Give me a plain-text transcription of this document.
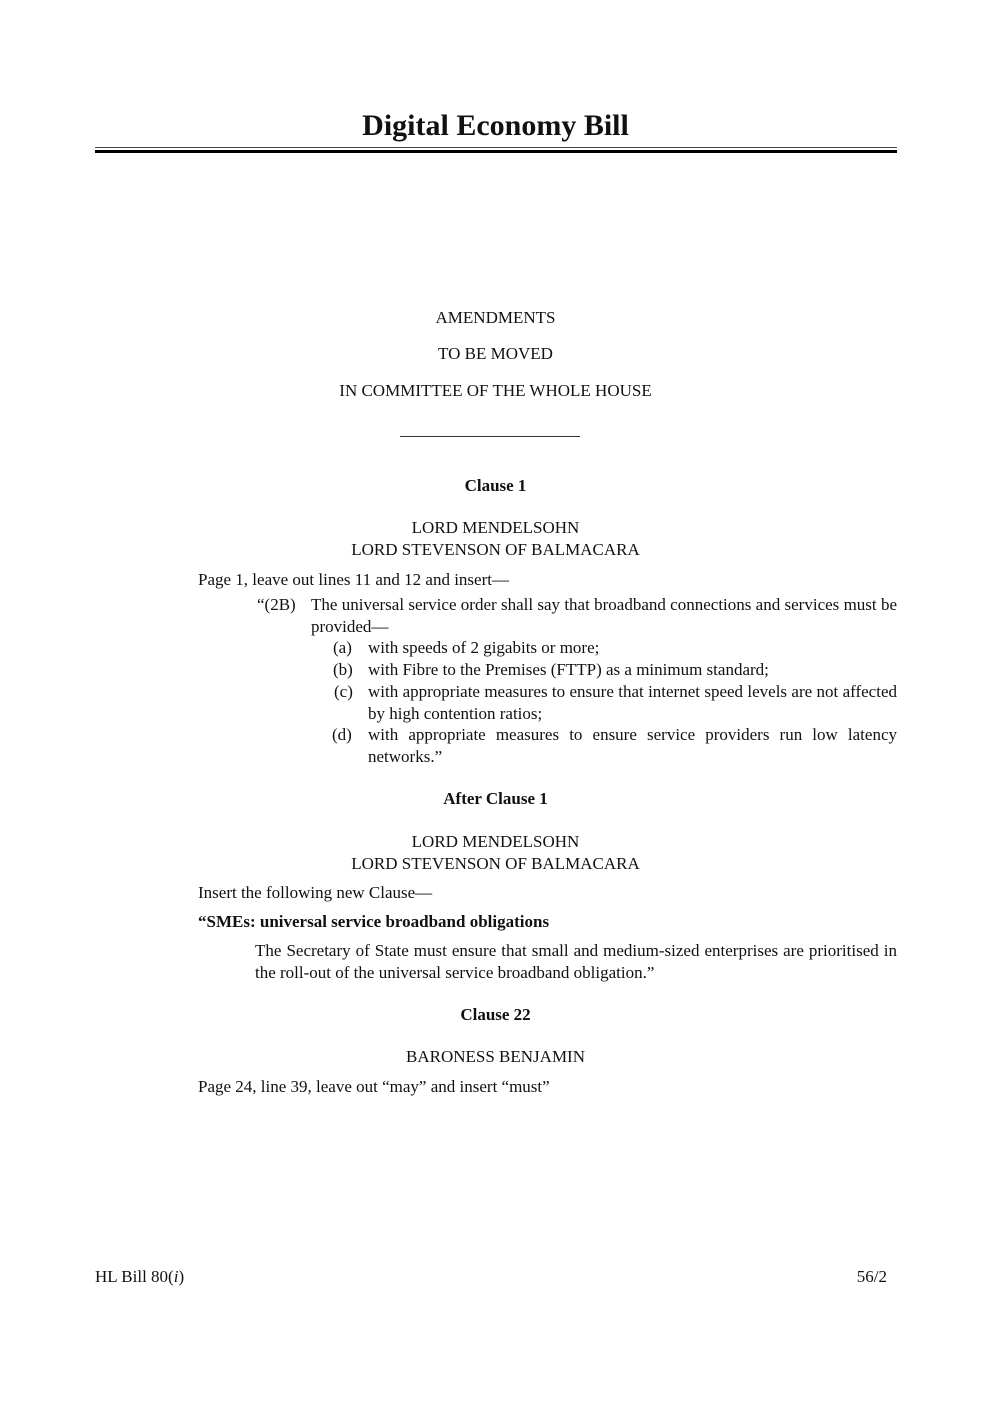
Digital Economy Bill
AMENDMENTS
TO BE MOVED
IN COMMITTEE OF THE WHOLE HOUSE
Clause 1
LORD MENDELSOHN
LORD STEVENSON OF BALMACARA
Page 1, leave out lines 11 and 12 and insert—
“(2B) The universal service order shall say that broadband connections and services must be provided—
(a) with speeds of 2 gigabits or more;
(b) with Fibre to the Premises (FTTP) as a minimum standard;
(c) with appropriate measures to ensure that internet speed levels are not affected by high contention ratios;
(d) with appropriate measures to ensure service providers run low latency networks.”
After Clause 1
LORD MENDELSOHN
LORD STEVENSON OF BALMACARA
Insert the following new Clause—
“SMEs: universal service broadband obligations
The Secretary of State must ensure that small and medium-sized enterprises are prioritised in the roll-out of the universal service broadband obligation.”
Clause 22
BARONESS BENJAMIN
Page 24, line 39, leave out “may” and insert “must”
HL Bill 80(i)	56/2
